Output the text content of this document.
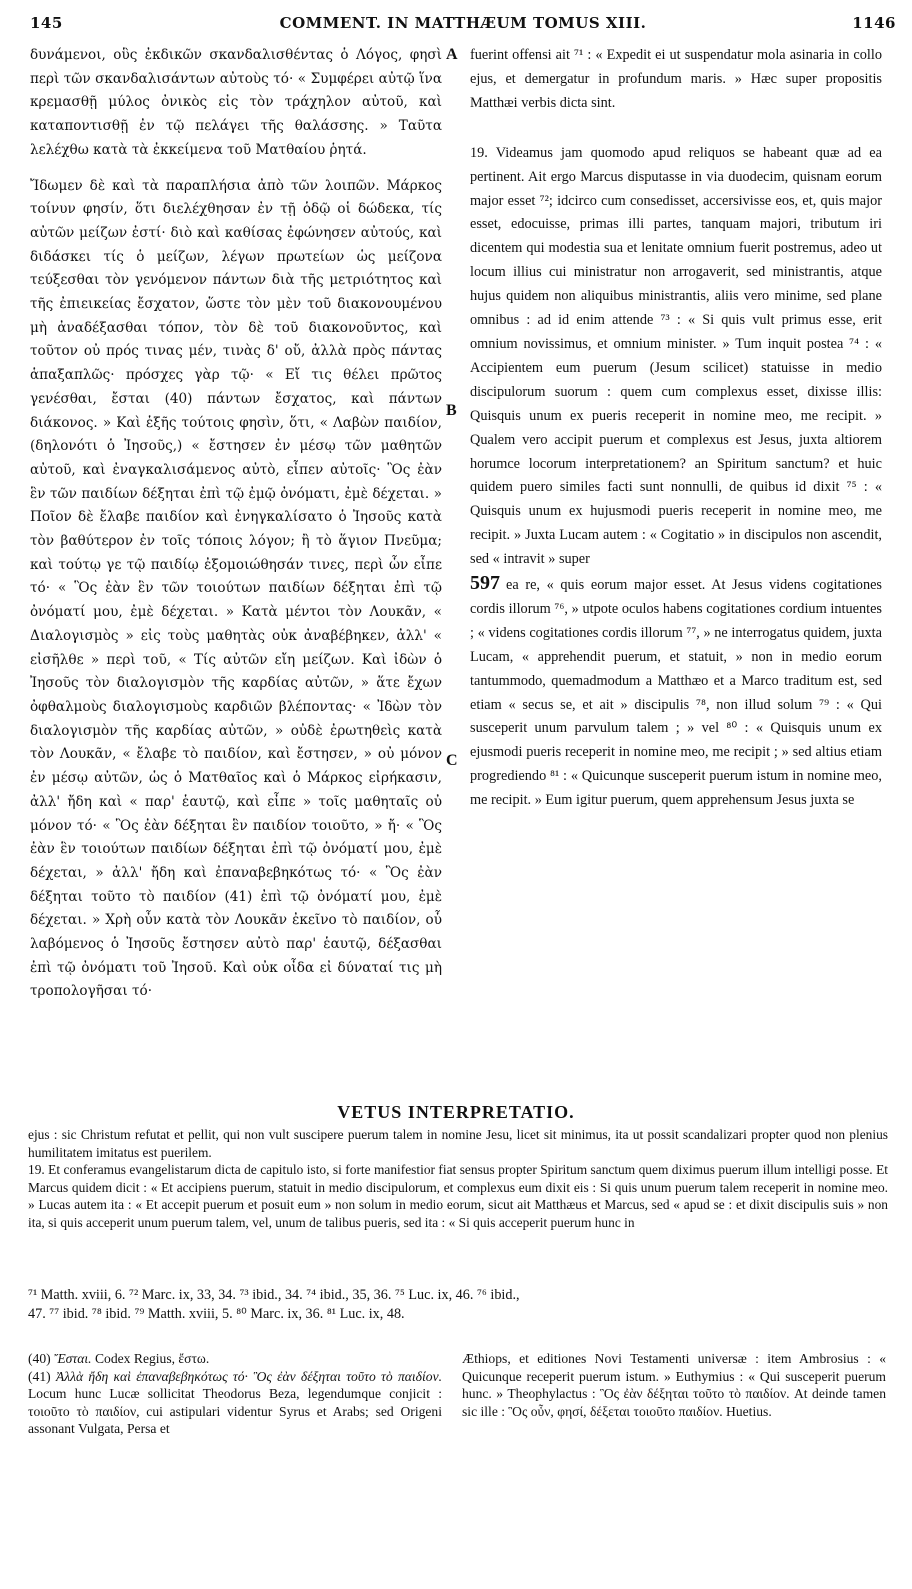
145	COMMENT. IN MATTHÆUM TOMUS XIII.	1146

δυνάμενοι, οὓς ἐκδικῶν σκανδαλισθέντας ὁ Λόγος, φησὶ περὶ τῶν σκανδαλισάντων αὐτοὺς τό· « Συμφέρει αὐτῷ ἵνα κρεμασθῇ μύλος ὀνικὸς εἰς τὸν τράχηλον αὐτοῦ, καὶ καταποντισθῇ ἐν τῷ πελάγει τῆς θαλάσσης. » Ταῦτα λελέχθω κατὰ τὰ ἐκκείμενα τοῦ Ματθαίου ῥητά.

Ἴδωμεν δὲ καὶ τὰ παραπλήσια ἀπὸ τῶν λοιπῶν. Μάρκος τοίνυν φησίν, ὅτι διελέχθησαν ἐν τῇ ὁδῷ οἱ δώδεκα, τίς αὐτῶν μείζων ἐστί· διὸ καὶ καθίσας ἐφώνησεν αὐτούς, καὶ διδάσκει τίς ὁ μείζων, λέγων πρωτείων ὡς μείζονα τεύξεσθαι τὸν γενόμενον πάντων διὰ τῆς μετριότητος καὶ τῆς ἐπιεικείας ἔσχατον, ὥστε τὸν μὲν τοῦ διακονουμένου μὴ ἀναδέξασθαι τόπον, τὸν δὲ τοῦ διακονοῦντος, καὶ τοῦτον οὐ πρός τινας μέν, τινὰς δ' οὔ, ἀλλὰ πρὸς πάντας ἁπαξαπλῶς· πρόσχες γὰρ τῷ· « Εἴ τις θέλει πρῶτος γενέσθαι, ἔσται (40) πάντων ἔσχατος, καὶ πάντων διάκονος. » Καὶ ἑξῆς τούτοις φησὶν, ὅτι, « Λαβὼν παιδίον, (δηλονότι ὁ Ἰησοῦς,) « ἔστησεν ἐν μέσῳ τῶν μαθητῶν αὐτοῦ, καὶ ἐναγκαλισάμενος αὐτὸ, εἶπεν αὐτοῖς· Ὃς ἐὰν ἓν τῶν παιδίων δέξηται ἐπὶ τῷ ἐμῷ ὀνόματι, ἐμὲ δέχεται. » Ποῖον δὲ ἔλαβε παιδίον καὶ ἐνηγκαλίσατο ὁ Ἰησοῦς κατὰ τὸν βαθύτερον ἐν τοῖς τόποις λόγον; ἢ τὸ ἅγιον Πνεῦμα; καὶ τούτῳ γε τῷ παιδίῳ ἐξομοιώθησάν τινες, περὶ ὧν εἶπε τό· « Ὃς ἐὰν ἓν τῶν τοιούτων παιδίων δέξηται ἐπὶ τῷ ὀνόματί μου, ἐμὲ δέχεται. » Κατὰ μέντοι τὸν Λουκᾶν, « Διαλογισμὸς » εἰς τοὺς μαθητὰς οὐκ ἀναβέβηκεν, ἀλλ' « εἰσῆλθε » περὶ τοῦ, « Τίς αὐτῶν εἴη μείζων. Καὶ ἰδὼν ὁ Ἰησοῦς τὸν διαλογισμὸν τῆς καρδίας αὐτῶν, » ἅτε ἔχων ὀφθαλμοὺς διαλογισμοὺς καρδιῶν βλέποντας· « Ἰδὼν τὸν διαλογισμὸν τῆς καρδίας αὐτῶν, » οὐδὲ ἐρωτηθεὶς κατὰ τὸν Λουκᾶν, « ἔλαβε τὸ παιδίον, καὶ ἔστησεν, » οὐ μόνον ἐν μέσῳ αὐτῶν, ὡς ὁ Ματθαῖος καὶ ὁ Μάρκος εἰρήκασιν, ἀλλ' ἤδη καὶ « παρ' ἑαυτῷ, καὶ εἶπε » τοῖς μαθηταῖς οὐ μόνον τό· « Ὃς ἐὰν δέξηται ἓν παιδίον τοιοῦτο, » ἤ· « Ὃς ἐὰν ἓν τοιούτων παιδίων δέξηται ἐπὶ τῷ ὀνόματί μου, ἐμὲ δέχεται, » ἀλλ' ἤδη καὶ ἐπαναβεβηκότως τό· « Ὃς ἐὰν δέξηται τοῦτο τὸ παιδίον (41) ἐπὶ τῷ ὀνόματί μου, ἐμὲ δέχεται. » Χρὴ οὖν κατὰ τὸν Λουκᾶν ἐκεῖνο τὸ παιδίον, οὗ λαβόμενος ὁ Ἰησοῦς ἔστησεν αὐτὸ παρ' ἑαυτῷ, δέξασθαι ἐπὶ τῷ ὀνόματι τοῦ Ἰησοῦ. Καὶ οὐκ οἶδα εἰ δύναταί τις μὴ τροπολογῆσαι τό·

A
B
C

fuerint offensi ait ⁷¹ : « Expedit ei ut suspendatur mola asinaria in collo ejus, et demergatur in profundum maris. » Hæc super propositis Matthæi verbis dicta sint.

19. Videamus jam quomodo apud reliquos se habeant quæ ad ea pertinent. Ait ergo Marcus disputasse in via duodecim, quisnam eorum major esset ⁷²; idcirco cum consedisset, accersivisse eos, et, quis major esset, edocuisse, primas illi partes, tanquam majori, tributum iri dicentem qui modestia sua et lenitate omnium fuerit postremus, adeo ut locum illius cui ministratur non arrogaverit, sed ministrantis, atque hujus quidem non aliquibus ministrantis, aliis vero minime, sed plane omnibus : ad id enim attende ⁷³ : « Si quis vult primus esse, erit omnium novissimus, et omnium minister. » Tum inquit postea ⁷⁴ : « Accipientem eum puerum (Jesum scilicet) statuisse in medio discipulorum suorum : quem cum complexus esset, dixisse illis: Quisquis unum ex pueris receperit in nomine meo, me recipit. » Qualem vero accipit puerum et complexus est Jesus, juxta altiorem horumce locorum interpretationem? an Spiritum sanctum? et huic quidem puero similes facti sunt nonnulli, de quibus id dixit ⁷⁵ : « Quisquis unum ex hujusmodi pueris receperit in nomine meo, me recipit. » Juxta Lucam autem : « Cogitatio » in discipulos non ascendit, sed « intravit » super

597 ea re, « quis eorum major esset. At Jesus videns cogitationes cordis illorum ⁷⁶, » utpote oculos habens cogitationes cordium intuentes ; « videns cogitationes cordis illorum ⁷⁷, » ne interrogatus quidem, juxta Lucam, « apprehendit puerum, et statuit, » non in medio eorum tantummodo, quemadmodum a Matthæo et a Marco traditum est, sed etiam « secus se, et ait » discipulis ⁷⁸, non illud solum ⁷⁹ : « Qui susceperit unum parvulum talem ; » vel ⁸⁰ : « Quisquis unum ex ejusmodi pueris receperit in nomine meo, me recipit ; » sed altius etiam progrediendo ⁸¹ : « Quicunque susceperit puerum istum in nomine meo, me recipit. » Eum igitur puerum, quem apprehensum Jesus juxta se

VETUS INTERPRETATIO.

ejus : sic Christum refutat et pellit, qui non vult suscipere puerum talem in nomine Jesu, licet sit minimus, ita ut possit scandalizari propter quod non plenius humilitatem imitatus est puerilem.

19. Et conferamus evangelistarum dicta de capitulo isto, si forte manifestior fiat sensus propter Spiritum sanctum quem diximus puerum illum intelligi posse. Et Marcus quidem dicit : « Et accipiens puerum, statuit in medio discipulorum, et complexus eum dixit eis : Si quis unum puerum talem receperit in nomine meo. » Lucas autem ita : « Et accepit puerum et posuit eum » non solum in medio eorum, sicut ait Matthæus et Marcus, sed « apud se : et dixit discipulis suis » non ita, si quis acceperit unum puerum talem, vel, unum de talibus pueris, sed ita : « Si quis acceperit puerum hunc in

⁷¹ Matth. xviii, 6. ⁷² Marc. ix, 33, 34. ⁷³ ibid., 34. ⁷⁴ ibid., 35, 36. ⁷⁵ Luc. ix, 46. ⁷⁶ ibid.,

47. ⁷⁷ ibid. ⁷⁸ ibid. ⁷⁹ Matth. xviii, 5. ⁸⁰ Marc. ix, 36. ⁸¹ Luc. ix, 48.

(40) Ἔσται. Codex Regius, ἔστω.

(41) Ἀλλὰ ἤδη καὶ ἐπαναβεβηκότως τό· Ὃς ἐὰν δέξηται τοῦτο τὸ παιδίον. Locum hunc Lucæ sollicitat Theodorus Beza, legendumque conjicit : τοιοῦτο τὸ παιδίον, cui astipulari videntur Syrus et Arabs; sed Origeni assonant Vulgata, Persa et

Æthiops, et editiones Novi Testamenti universæ : item Ambrosius : « Quicunque receperit puerum istum. » Euthymius : « Qui susceperit puerum hunc. » Theophylactus : Ὃς ἐὰν δέξηται τοῦτο τὸ παιδίον. At deinde tamen sic ille : Ὃς οὖν, φησί, δέξεται τοιοῦτο παιδίον. Huetius.
